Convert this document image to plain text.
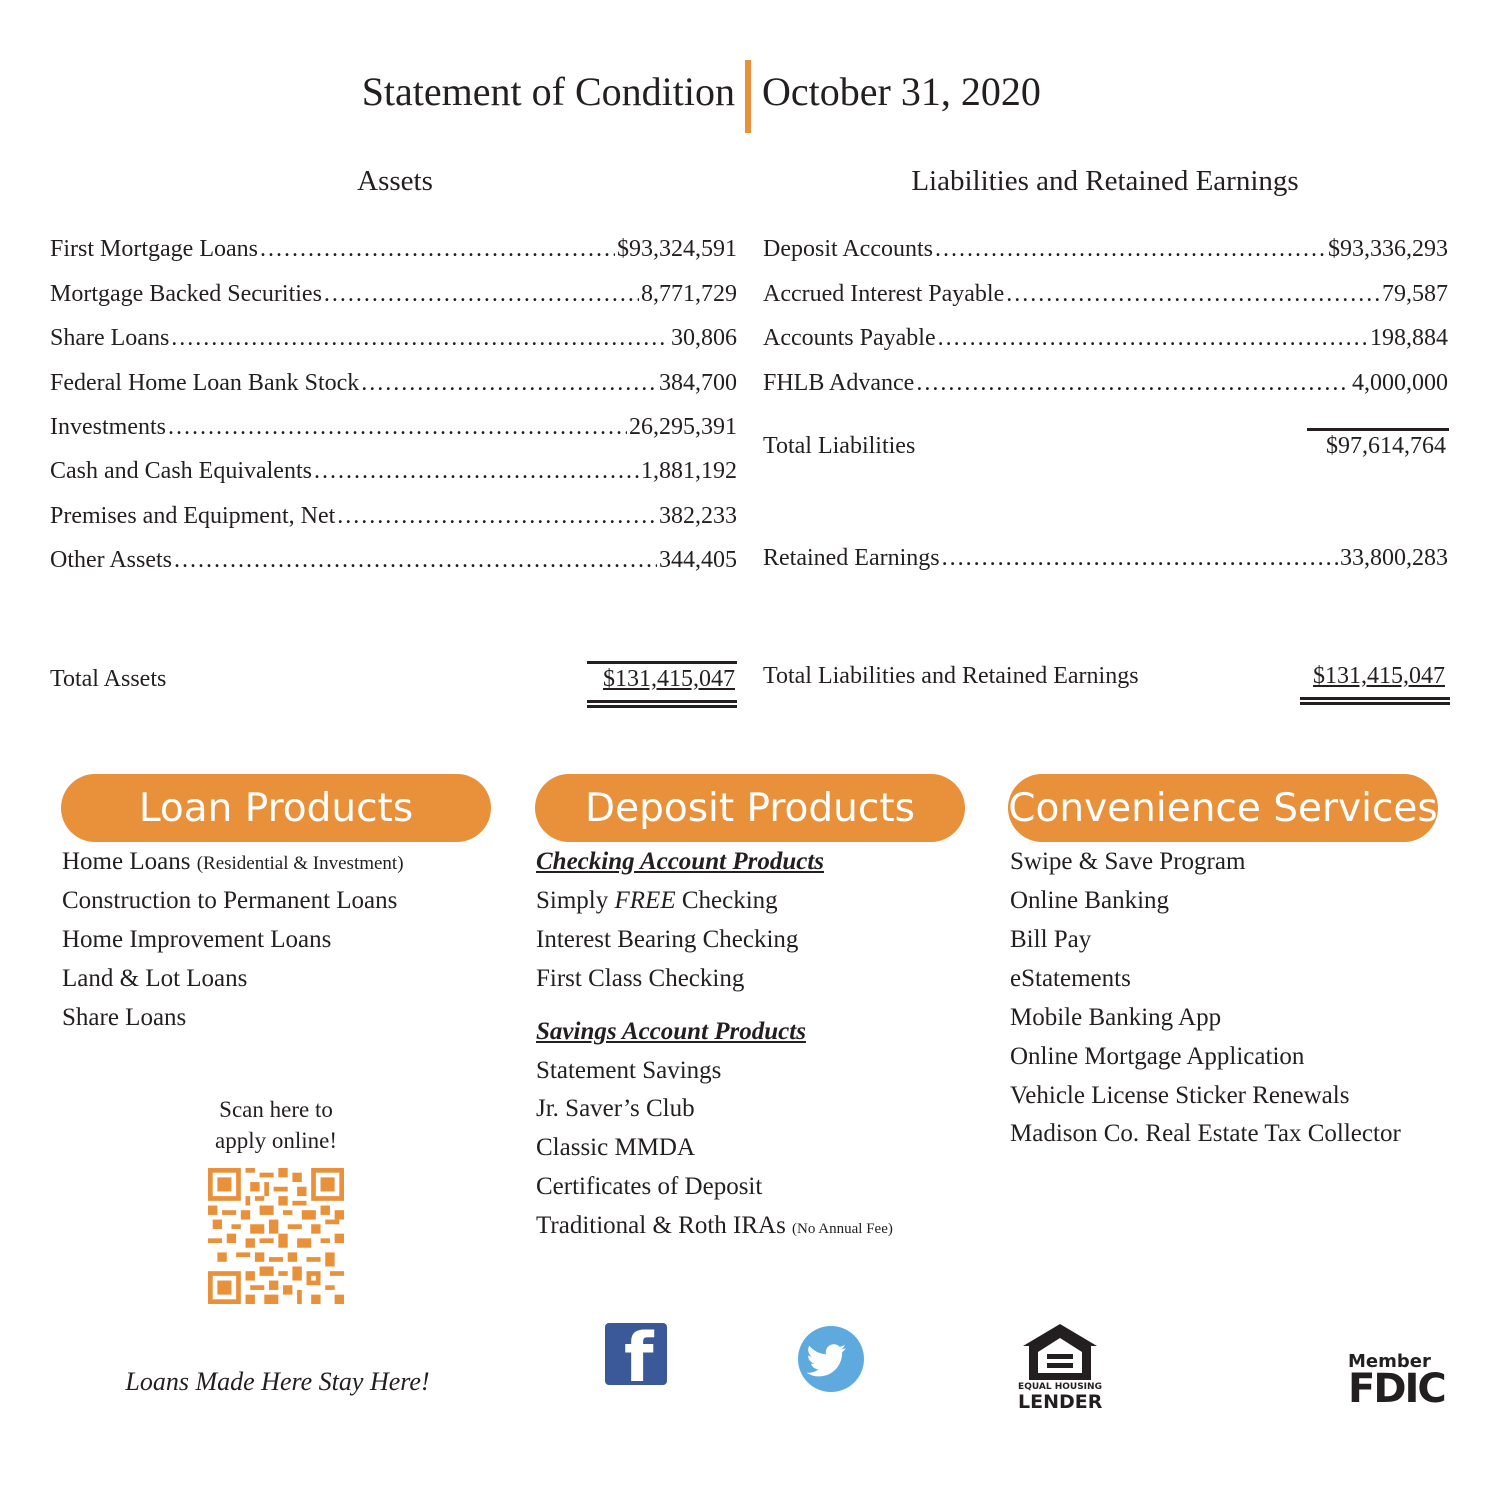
Statement of Condition October 31, 2020
Assets	Liabilities and Retained Earnings
First Mortgage Loans . . .	$93,324,591
Mortgage Backed Securities . . .	8,771,729
Share Loans . . .	30,806
Federal Home Loan Bank Stock . . .	384,700
Investments . . .	26,295,391
Cash and Cash Equivalents . . .	1,881,192
Premises and Equipment, Net . . .	382,233
Other Assets . . .	344,405
Total Assets	$131,415,047
Deposit Accounts . . .	$93,336,293
Accrued Interest Payable . . .	79,587
Accounts Payable . . .	198,884
FHLB Advance . . .	4,000,000
Total Liabilities	$97,614,764
Retained Earnings . . .	33,800,283
Total Liabilities and Retained Earnings	$131,415,047
Loan Products	Deposit Products	Convenience Services
Home Loans (Residential & Investment)
Construction to Permanent Loans
Home Improvement Loans
Land & Lot Loans
Share Loans
Scan here to
apply online!
Loans Made Here Stay Here!
Checking Account Products
Simply FREE Checking
Interest Bearing Checking
First Class Checking
Savings Account Products
Statement Savings
Jr. Saver’s Club
Classic MMDA
Certificates of Deposit
Traditional & Roth IRAs (No Annual Fee)
Swipe & Save Program
Online Banking
Bill Pay
eStatements
Mobile Banking App
Online Mortgage Application
Vehicle License Sticker Renewals
Madison Co. Real Estate Tax Collector
f	EQUAL HOUSING
LENDER
Member
FDIC
